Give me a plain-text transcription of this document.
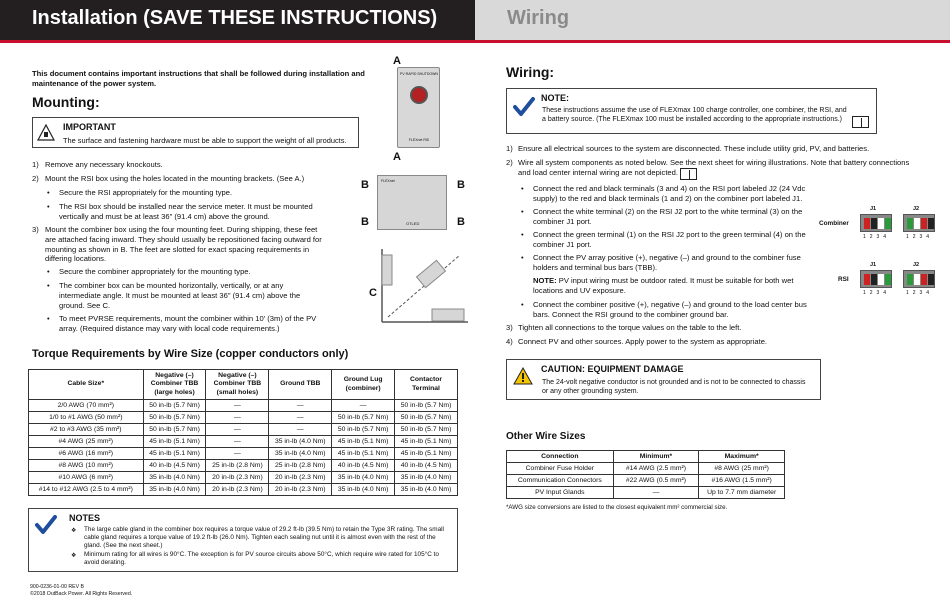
Installation (SAVE THESE INSTRUCTIONS)	Wiring
This document contains important instructions that shall be followed during installation and maintenance of the power system.
Mounting:
IMPORTANT
The surface and fastening hardware must be able to support the weight of all products.
1) Remove any necessary knockouts.
2) Mount the RSI box using the holes located in the mounting brackets. (See A.)
• Secure the RSI appropriately for the mounting type.
• The RSI box should be installed near the service meter. It must be mounted vertically and must be at least 36" (91.4 cm) above the ground.
3) Mount the combiner box using the four mounting feet. During shipping, these feet are attached facing inward. They should usually be repositioned facing outward for mounting as shown in B. The feet are slotted for exact spacing requirements in differing locations.
• Secure the combiner appropriately for the mounting type.
• The combiner box can be mounted horizontally, vertically, or at any intermediate angle. It must be mounted at least 36" (91.4 cm) above the ground. See C.
• To meet PVRSE requirements, mount the combiner within 10' (3m) of the PV array. (Required distance may vary with local code requirements.)
A
PV RAPID SHUTDOWN
FLEXnet RSI
A
B	B
FLEXnet
OTLED
B	B
C
Torque Requirements by Wire Size (copper conductors only)
Cable Size*	Negative (–) Combiner TBB (large holes)	Negative (–) Combiner TBB (small holes)	Ground TBB	Ground Lug (combiner)	Contactor Terminal
2/0 AWG (70 mm²)	50 in-lb (5.7 Nm)	—	—	—	50 in-lb (5.7 Nm)
1/0 to #1 AWG (50 mm²)	50 in-lb (5.7 Nm)	—	—	50 in-lb (5.7 Nm)	50 in-lb (5.7 Nm)
#2 to #3 AWG (35 mm²)	50 in-lb (5.7 Nm)	—	—	50 in-lb (5.7 Nm)	50 in-lb (5.7 Nm)
#4 AWG (25 mm²)	45 in-lb (5.1 Nm)	—	35 in-lb (4.0 Nm)	45 in-lb (5.1 Nm)	45 in-lb (5.1 Nm)
#6 AWG (16 mm²)	45 in-lb (5.1 Nm)	—	35 in-lb (4.0 Nm)	45 in-lb (5.1 Nm)	45 in-lb (5.1 Nm)
#8 AWG (10 mm²)	40 in-lb (4.5 Nm)	25 in-lb (2.8 Nm)	25 in-lb (2.8 Nm)	40 in-lb (4.5 Nm)	40 in-lb (4.5 Nm)
#10 AWG (6 mm²)	35 in-lb (4.0 Nm)	20 in-lb (2.3 Nm)	20 in-lb (2.3 Nm)	35 in-lb (4.0 Nm)	35 in-lb (4.0 Nm)
#14 to #12 AWG (2.5 to 4 mm²)	35 in-lb (4.0 Nm)	20 in-lb (2.3 Nm)	20 in-lb (2.3 Nm)	35 in-lb (4.0 Nm)	35 in-lb (4.0 Nm)
NOTES
❖ The large cable gland in the combiner box requires a torque value of 29.2 ft-lb (39.5 Nm) to retain the Type 3R rating. The small cable gland requires a torque value of 19.2 ft-lb (26.0 Nm). Tighten each sealing nut until it is almost even with the rest of the gland. (See the next sheet.)
❖ Minimum rating for all wires is 90°C. The exception is for PV source circuits above 50°C, which require wire rated for 105°C to avoid derating.
900-0236-01-00 REV B
©2018 OutBack Power. All Rights Reserved.
Wiring:
NOTE:
These instructions assume the use of FLEXmax 100 charge controller, one combiner, the RSI, and a battery source. (The FLEXmax 100 must be installed according to the appropriate instructions.)
1) Ensure all electrical sources to the system are disconnected. These include utility grid, PV, and batteries.
2) Wire all system components as noted below. See the next sheet for wiring illustrations. Note that battery connections and load center internal wiring are not depicted.
• Connect the red and black terminals (3 and 4) on the RSI port labeled J2 (24 Vdc supply) to the red and black terminals (1 and 2) on the combiner port labeled J1.
• Connect the white terminal (2) on the RSI J2 port to the white terminal (3) on the combiner J1 port.
• Connect the green terminal (1) on the RSI J2 port to the green terminal (4) on the combiner J1 port.
• Connect the PV array positive (+), negative (–) and ground to the combiner fuse holders and terminal bus bars (TBB).
NOTE: PV input wiring must be outdoor rated. It must be suitable for both wet locations and UV exposure.
• Connect the combiner positive (+), negative (–) and ground to the load center bus bars. Connect the RSI ground to the combiner ground bar.
3) Tighten all connections to the torque values on the table to the left.
4) Connect PV and other sources. Apply power to the system as appropriate.
CAUTION: EQUIPMENT DAMAGE
The 24-volt negative conductor is not grounded and is not to be connected to chassis or any other grounding system.
Combiner
RSI
J1
1 2 3 4
J2
1 2 3 4
J1
1 2 3 4
J2
1 2 3 4
Other Wire Sizes
Connection	Minimum*	Maximum*
Combiner Fuse Holder	#14 AWG (2.5 mm²)	#8 AWG (25 mm²)
Communication Connectors	#22 AWG (0.5 mm²)	#16 AWG (1.5 mm²)
PV Input Glands	—	Up to 7.7 mm diameter
*AWG size conversions are listed to the closest equivalent mm² commercial size.
